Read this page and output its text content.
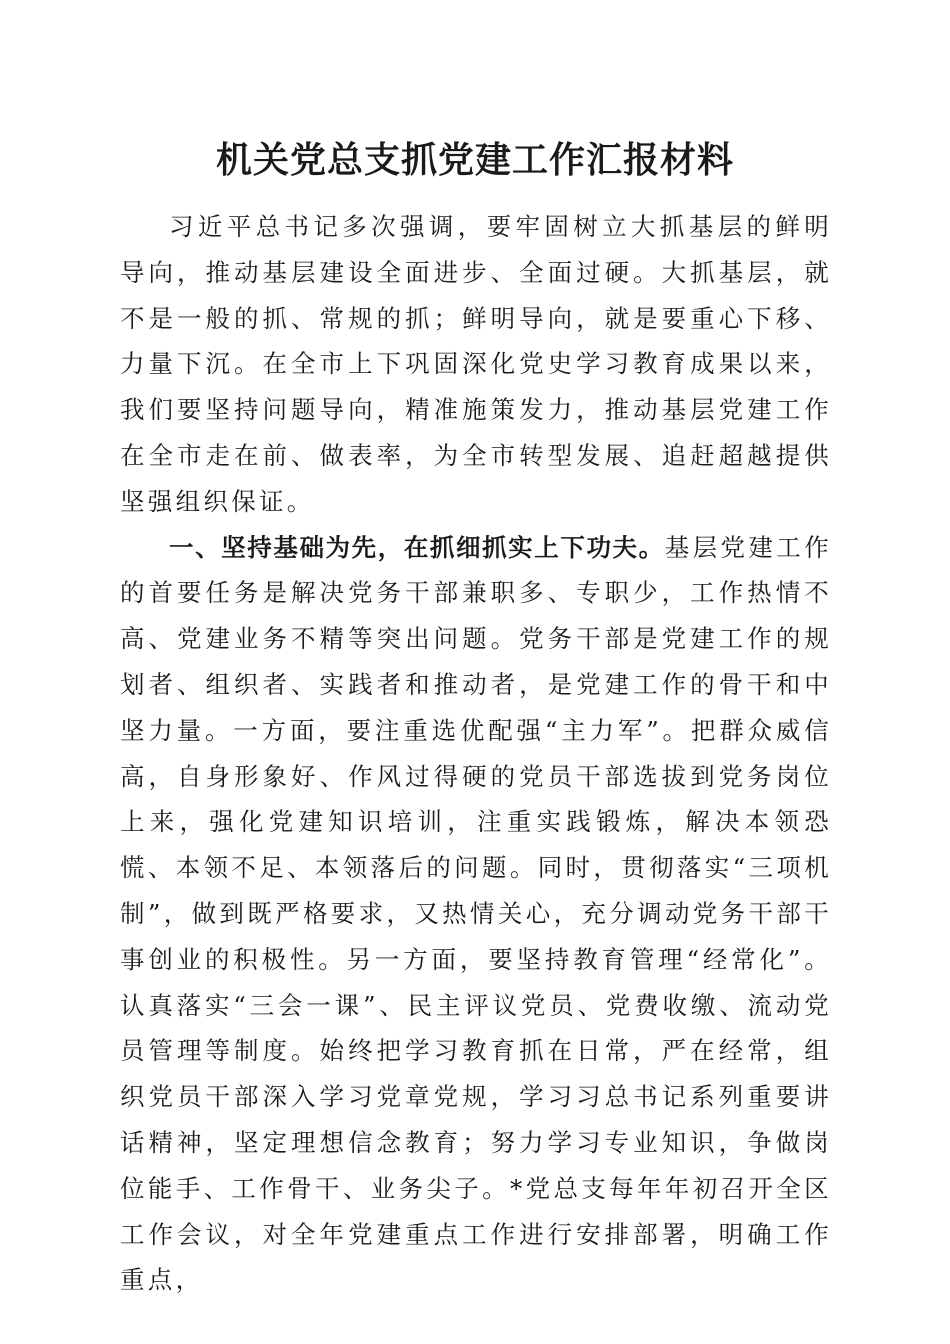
机关党总支抓党建工作汇报材料

习近平总书记多次强调，要牢固树立大抓基层的鲜明导向，推动基层建设全面进步、全面过硬。大抓基层，就不是一般的抓、常规的抓；鲜明导向，就是要重心下移、力量下沉。在全市上下巩固深化党史学习教育成果以来，我们要坚持问题导向，精准施策发力，推动基层党建工作在全市走在前、做表率，为全市转型发展、追赶超越提供坚强组织保证。

一、坚持基础为先，在抓细抓实上下功夫。基层党建工作的首要任务是解决党务干部兼职多、专职少，工作热情不高、党建业务不精等突出问题。党务干部是党建工作的规划者、组织者、实践者和推动者，是党建工作的骨干和中坚力量。一方面，要注重选优配强“主力军”。把群众威信高，自身形象好、作风过得硬的党员干部选拔到党务岗位上来，强化党建知识培训，注重实践锻炼，解决本领恐慌、本领不足、本领落后的问题。同时，贯彻落实“三项机制”，做到既严格要求，又热情关心，充分调动党务干部干事创业的积极性。另一方面，要坚持教育管理“经常化”。认真落实“三会一课”、民主评议党员、党费收缴、流动党员管理等制度。始终把学习教育抓在日常，严在经常，组织党员干部深入学习党章党规，学习习总书记系列重要讲话精神，坚定理想信念教育；努力学习专业知识，争做岗位能手、工作骨干、业务尖子。*党总支每年年初召开全区工作会议，对全年党建重点工作进行安排部署，明确工作重点，
